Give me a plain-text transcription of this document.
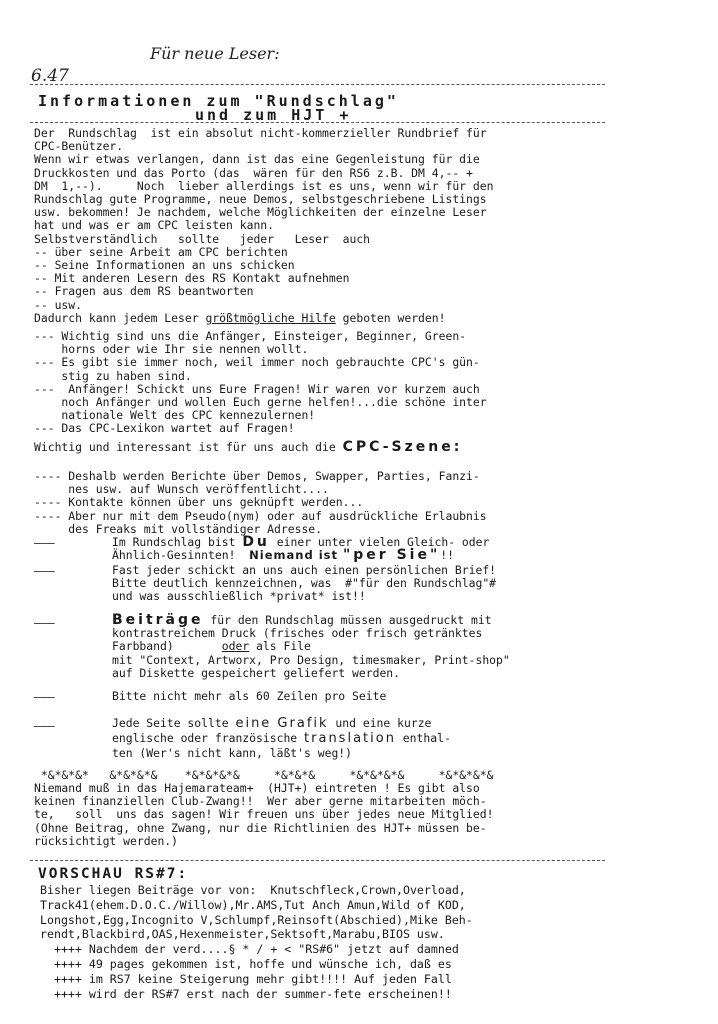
Für neue Leser:
6.47
Informationen zum "Rundschlag"
und zum HJT +
Der  Rundschlag  ist ein absolut nicht-kommerzieller Rundbrief für
CPC-Benützer.
Wenn wir etwas verlangen, dann ist das eine Gegenleistung für die
Druckkosten und das Porto (das  wären für den RS6 z.B. DM 4,-- +
DM  1,--).     Noch  lieber allerdings ist es uns, wenn wir für den
Rundschlag gute Programme, neue Demos, selbstgeschriebene Listings
usw. bekommen! Je nachdem, welche Möglichkeiten der einzelne Leser
hat und was er am CPC leisten kann.
Selbstverständlich   sollte   jeder   Leser  auch
-- über seine Arbeit am CPC berichten
-- Seine Informationen an uns schicken
-- Mit anderen Lesern des RS Kontakt aufnehmen
-- Fragen aus dem RS beantworten
-- usw.
Dadurch kann jedem Leser größtmögliche Hilfe geboten werden!
--- Wichtig sind uns die Anfänger, Einsteiger, Beginner, Green-
horns oder wie Ihr sie nennen wollt.
--- Es gibt sie immer noch, weil immer noch gebrauchte CPC's gün-
stig zu haben sind.
---  Anfänger! Schickt uns Eure Fragen! Wir waren vor kurzem auch
noch Anfänger und wollen Euch gerne helfen!...die schöne inter
nationale Welt des CPC kennezulernen!
--- Das CPC-Lexikon wartet auf Fragen!
Wichtig und interessant ist für uns auch die CPC-Szene:
---- Deshalb werden Berichte über Demos, Swapper, Parties, Fanzi-
nes usw. auf Wunsch veröffentlicht....
---- Kontakte können über uns geknüpft werden...
---- Aber nur mit dem Pseudo(nym) oder auf ausdrückliche Erlaubnis
des Freaks mit vollständiger Adresse.
———	Im Rundschlag bist Du einer unter vielen Gleich- oder
Ähnlich-Gesinnten!  Niemand ist "per Sie"!!
———	Fast jeder schickt an uns auch einen persönlichen Brief!
Bitte deutlich kennzeichnen, was  #"für den Rundschlag"#
und was ausschließlich *privat* ist!!
———	Beiträge für den Rundschlag müssen ausgedruckt mit
kontrastreichem Druck (frisches oder frisch getränktes
Farbband)       oder als File
mit "Context, Artworx, Pro Design, timesmaker, Print-shop"
auf Diskette gespeichert geliefert werden.
———	Bitte nicht mehr als 60 Zeilen pro Seite
———	Jede Seite sollte eine Grafik und eine kurze
englische oder französische translation enthal-
ten (Wer's nicht kann, läßt's weg!)
*&*&*&*   &*&*&*&    *&*&*&*&     *&*&*&     *&*&*&*&     *&*&*&*&
Niemand muß in das Hajemarateam+  (HJT+) eintreten ! Es gibt also
keinen finanziellen Club-Zwang!!  Wer aber gerne mitarbeiten möch-
te,   soll  uns das sagen! Wir freuen uns über jedes neue Mitglied!
(Ohne Beitrag, ohne Zwang, nur die Richtlinien des HJT+ müssen be-
rücksichtigt werden.)
VORSCHAU RS#7:
Bisher liegen Beiträge vor von:  Knutschfleck,Crown,Overload,
Track41(ehem.D.O.C./Willow),Mr.AMS,Tut Anch Amun,Wild of KOD,
Longshot,Egg,Incognito V,Schlumpf,Reinsoft(Abschied),Mike Beh-
rendt,Blackbird,OAS,Hexenmeister,Sektsoft,Marabu,BIOS usw.
++++ Nachdem der verd....§ * / + < "RS#6" jetzt auf damned
++++ 49 pages gekommen ist, hoffe und wünsche ich, daß es
++++ im RS7 keine Steigerung mehr gibt!!!! Auf jeden Fall
++++ wird der RS#7 erst nach der summer-fete erscheinen!!
